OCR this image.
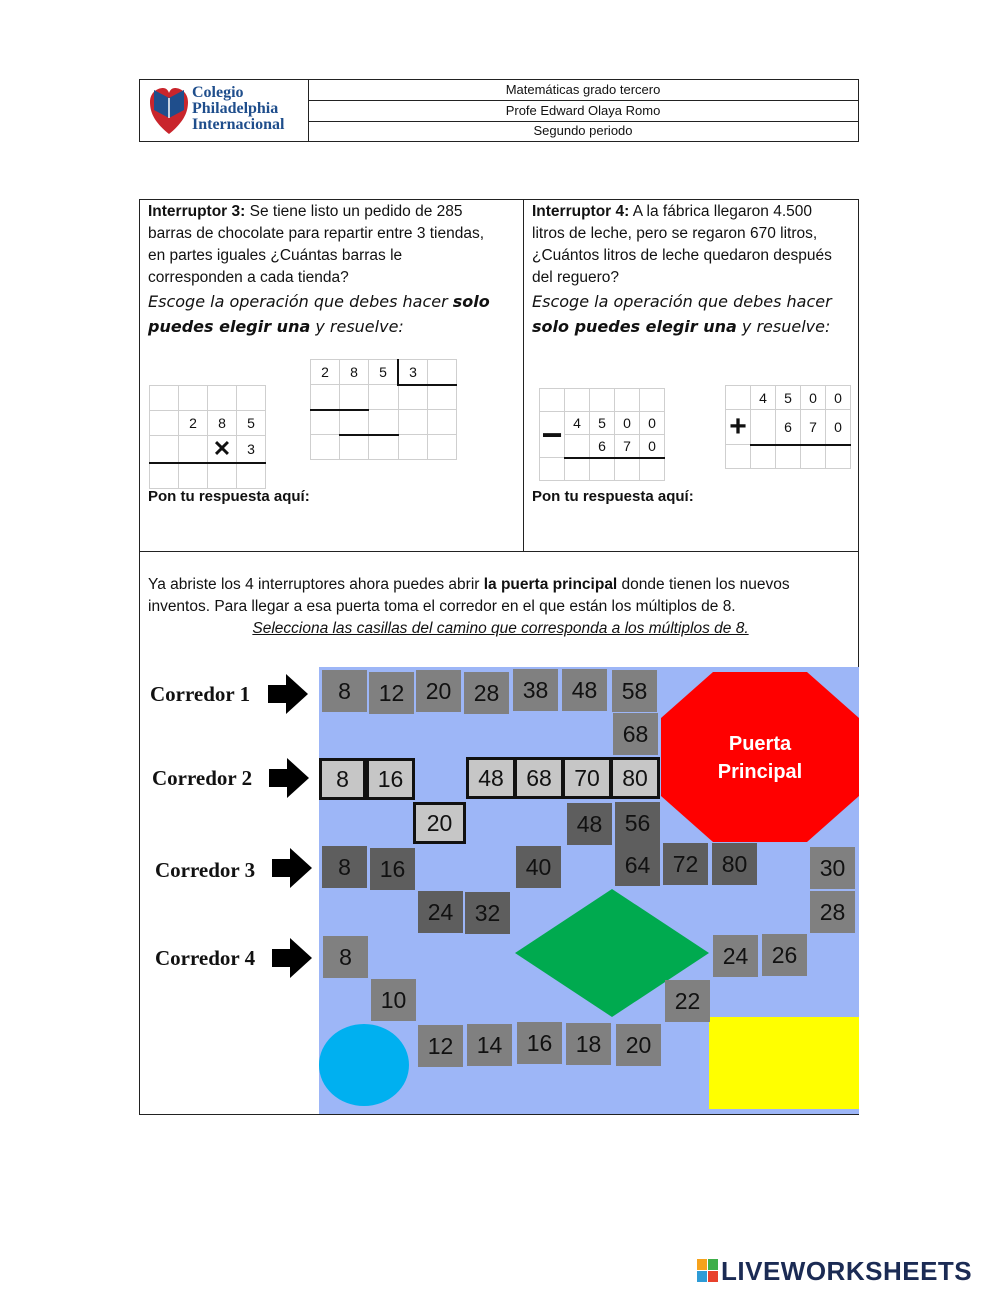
Colegio
Philadelphia
Internacional
Matemáticas grado tercero
Profe Edward Olaya Romo
Segundo periodo
Interruptor 3: Se tiene listo un pedido de 285
barras de chocolate para repartir entre 3 tiendas,
en partes iguales ¿Cuántas barras le
corresponden a cada tienda?
Escoge la operación que debes hacer solo
puedes elegir una y resuelve:

	2	8	5
		✕	3

2	8	5	3	

Pon tu respuesta aquí:
Interruptor 4: A la fábrica llegaron 4.500
litros de leche, pero se regaron 670 litros,
¿Cuántos litros de leche quedaron después
del reguero?
Escoge la operación que debes hacer
solo puedes elegir una y resuelve:

−	4	5	0	0
		6	7	0

	4	5	0	0
+		6	7	0

Pon tu respuesta aquí:
Ya abriste los 4 interruptores ahora puedes abrir la puerta principal donde tienen los nuevos
inventos. Para llegar a esa puerta toma el corredor en el que están los múltiplos de 8.
Selecciona las casillas del camino que corresponda a los múltiplos de 8.
Corredor 1
Corredor 2
Corredor 3
Corredor 4
Puerta
Principal
8	12 20 28	38	48	58
68
8	16
20
48 68 70 80
48 56
8	16
24 32
40	64 72	80	30
28
8
10
12	14	16	18	20
22
24	26
LIVEWORKSHEETS
